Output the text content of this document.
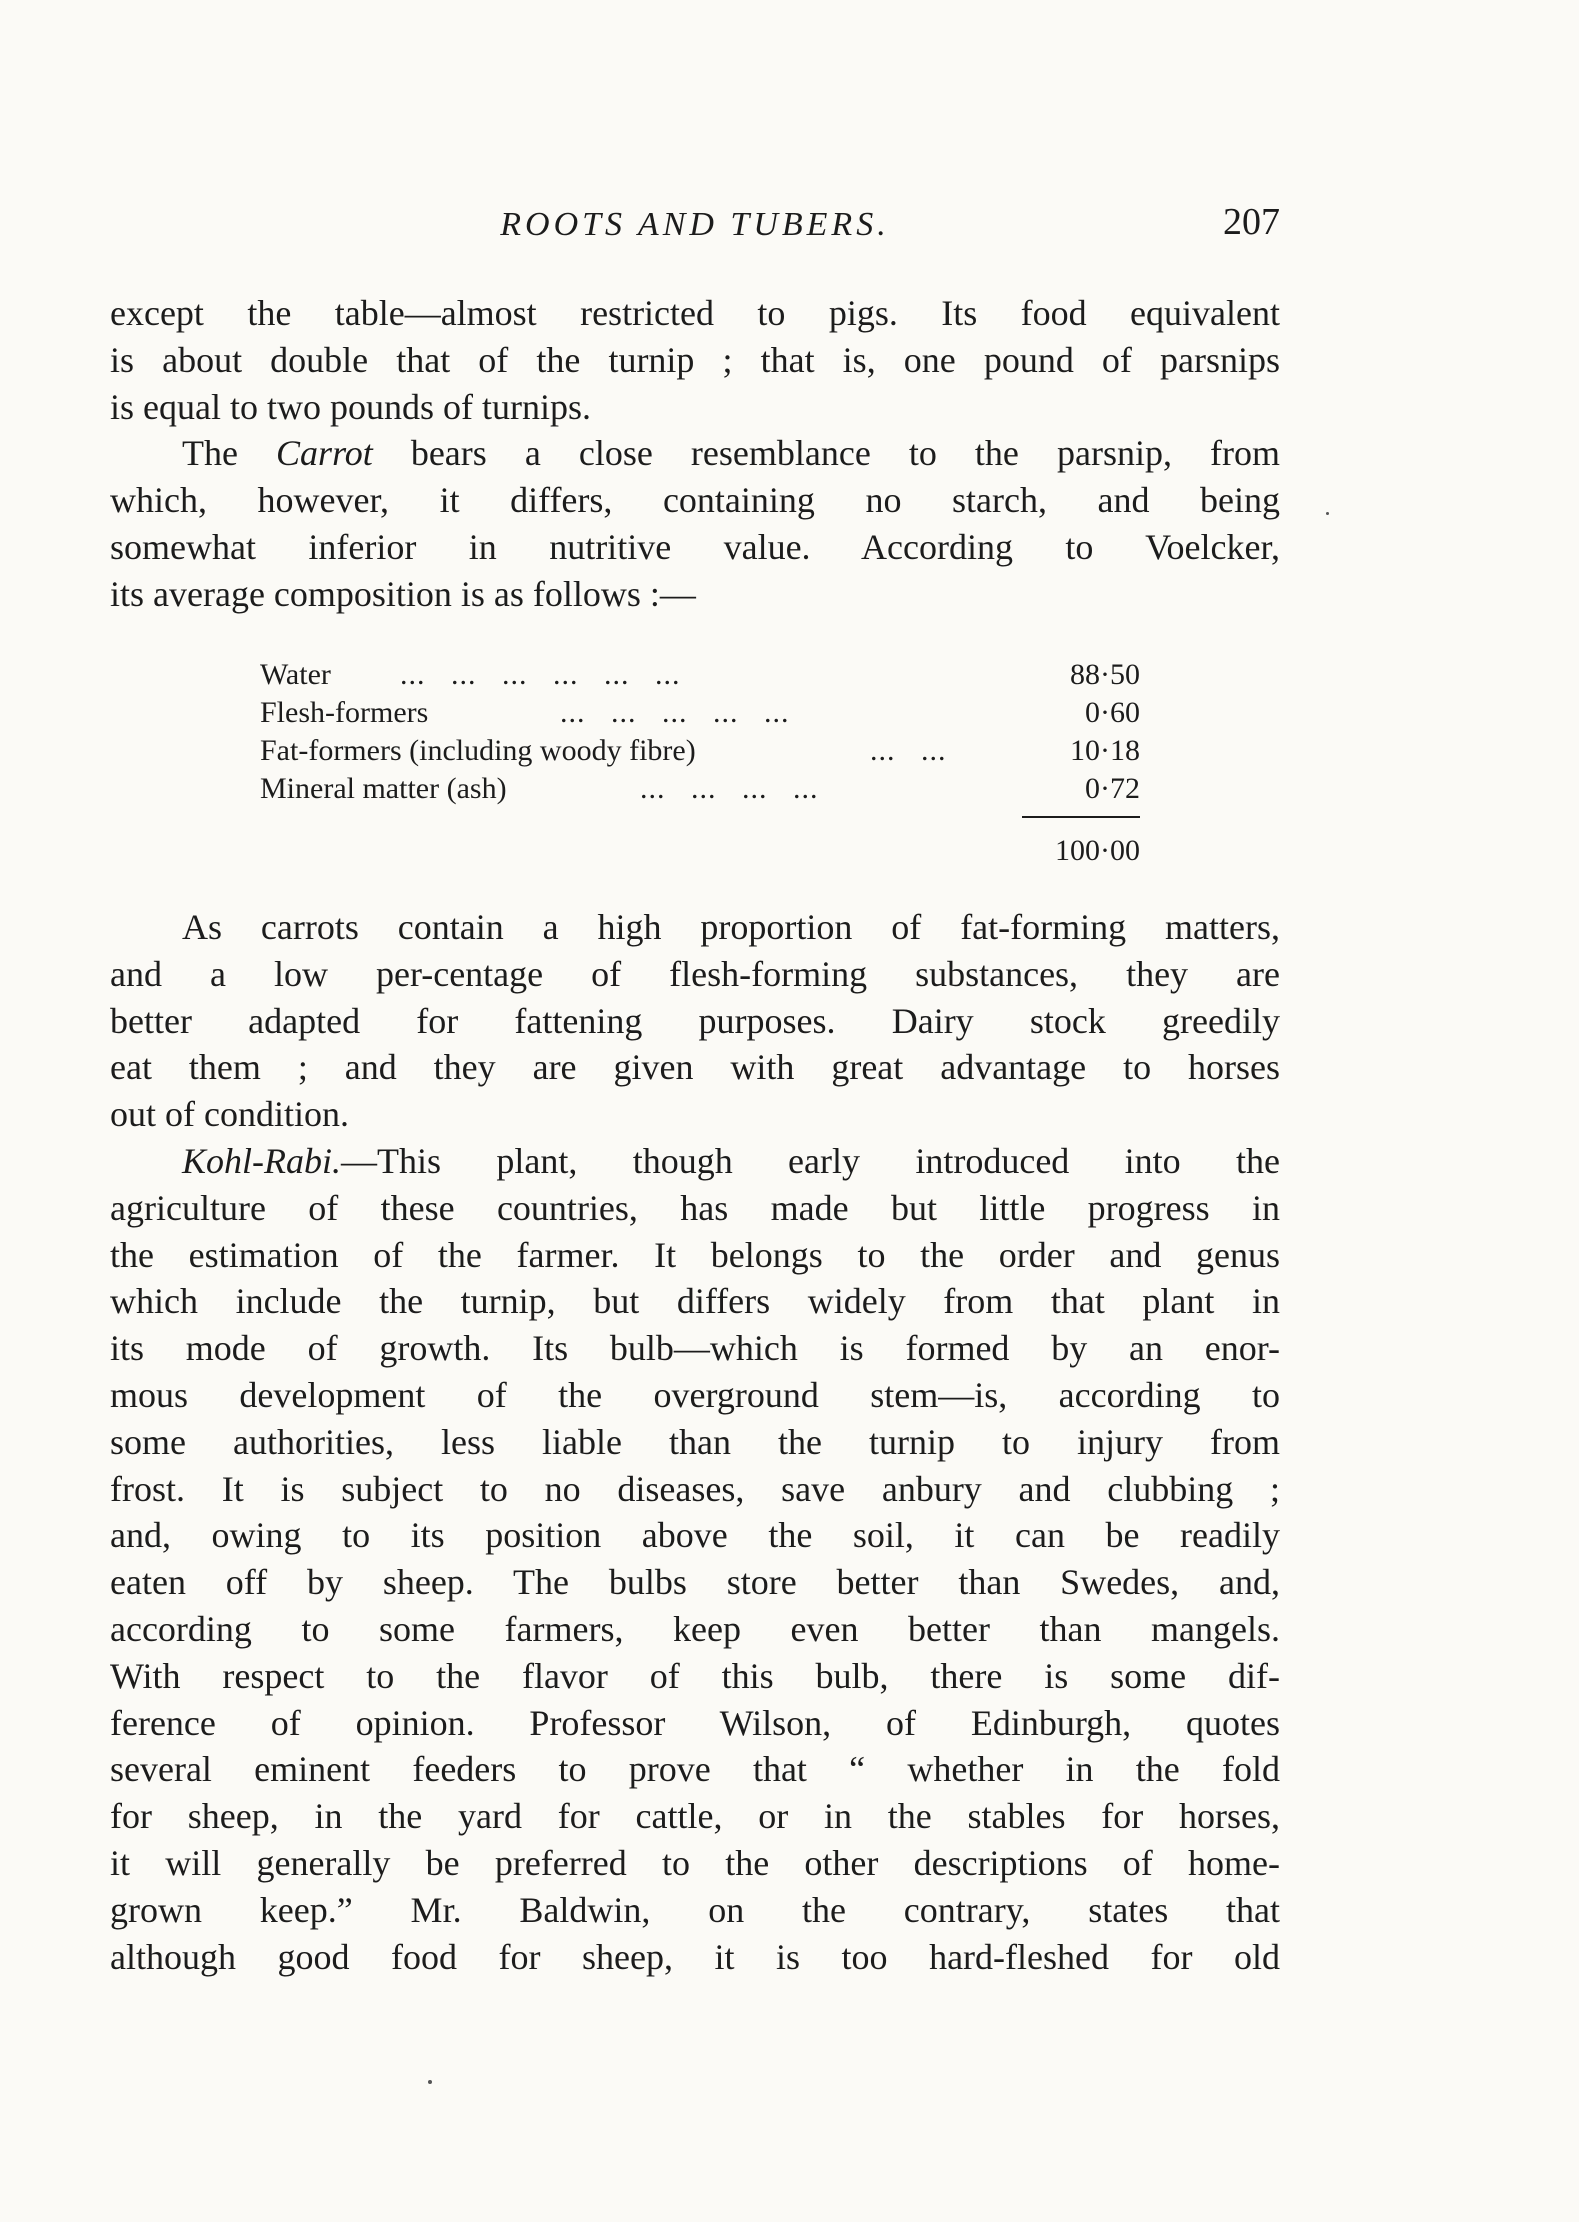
ROOTS AND TUBERS.	207
except the table—almost restricted to pigs. Its food equivalent
is about double that of the turnip ; that is, one pound of parsnips
is equal to two pounds of turnips.
The Carrot bears a close resemblance to the parsnip, from
which, however, it differs, containing no starch, and being
somewhat inferior in nutritive value. According to Voelcker,
its average composition is as follows :—
Water ...   ...   ...   ...   ...   ...	88·50
Flesh-formers	...   ...   ...   ...   ...	0·60
Fat-formers (including woody fibre)	...   ...	10·18
Mineral matter (ash)	...   ...   ...   ...	0·72
100·00
As carrots contain a high proportion of fat-forming matters,
and a low per-centage of flesh-forming substances, they are
better adapted for fattening purposes. Dairy stock greedily
eat them ; and they are given with great advantage to horses
out of condition.
Kohl-Rabi.—This plant, though early introduced into the
agriculture of these countries, has made but little progress in
the estimation of the farmer. It belongs to the order and genus
which include the turnip, but differs widely from that plant in
its mode of growth. Its bulb—which is formed by an enor-
mous development of the overground stem—is, according to
some authorities, less liable than the turnip to injury from
frost. It is subject to no diseases, save anbury and clubbing ;
and, owing to its position above the soil, it can be readily
eaten off by sheep. The bulbs store better than Swedes, and,
according to some farmers, keep even better than mangels.
With respect to the flavor of this bulb, there is some dif-
ference of opinion. Professor Wilson, of Edinburgh, quotes
several eminent feeders to prove that “ whether in the fold
for sheep, in the yard for cattle, or in the stables for horses,
it will generally be preferred to the other descriptions of home-
grown keep.” Mr. Baldwin, on the contrary, states that
although good food for sheep, it is too hard-fleshed for old
